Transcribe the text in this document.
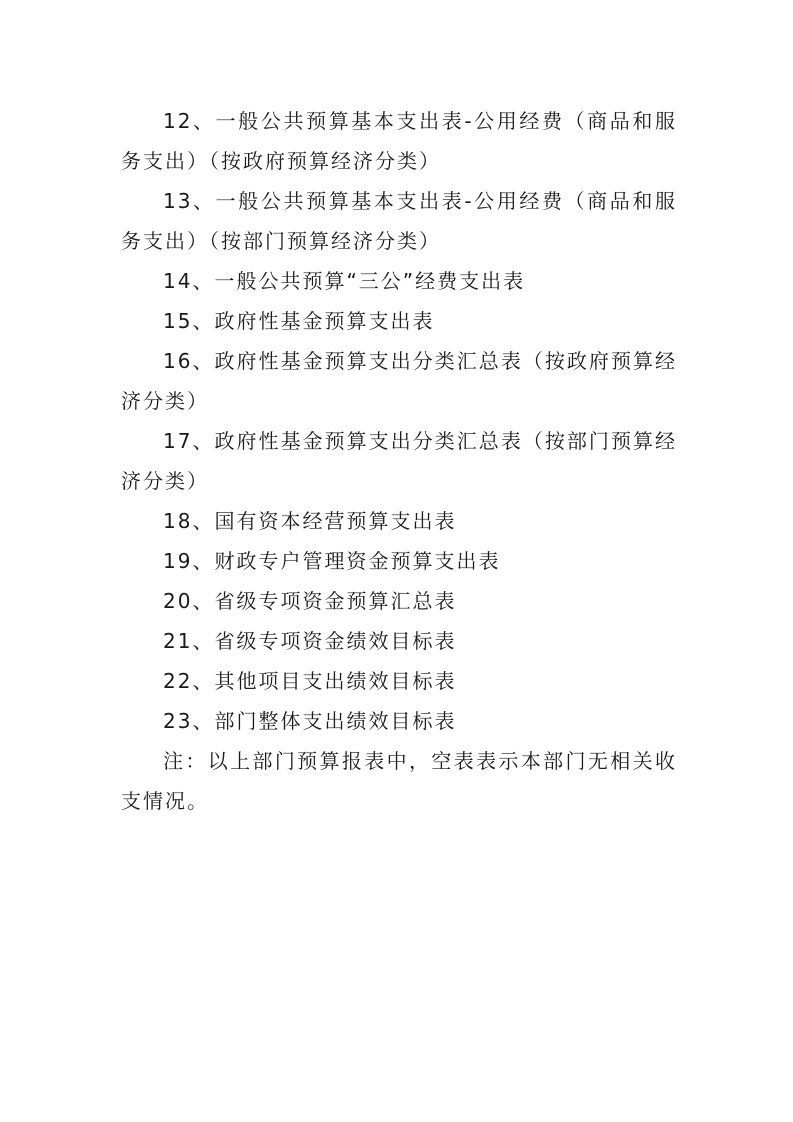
12、一般公共预算基本支出表-公用经费（商品和服务支出）（按政府预算经济分类）

13、一般公共预算基本支出表-公用经费（商品和服务支出）（按部门预算经济分类）

14、一般公共预算“三公”经费支出表

15、政府性基金预算支出表

16、政府性基金预算支出分类汇总表（按政府预算经济分类）

17、政府性基金预算支出分类汇总表（按部门预算经济分类）

18、国有资本经营预算支出表

19、财政专户管理资金预算支出表

20、省级专项资金预算汇总表

21、省级专项资金绩效目标表

22、其他项目支出绩效目标表

23、部门整体支出绩效目标表

注：以上部门预算报表中，空表表示本部门无相关收支情况。
